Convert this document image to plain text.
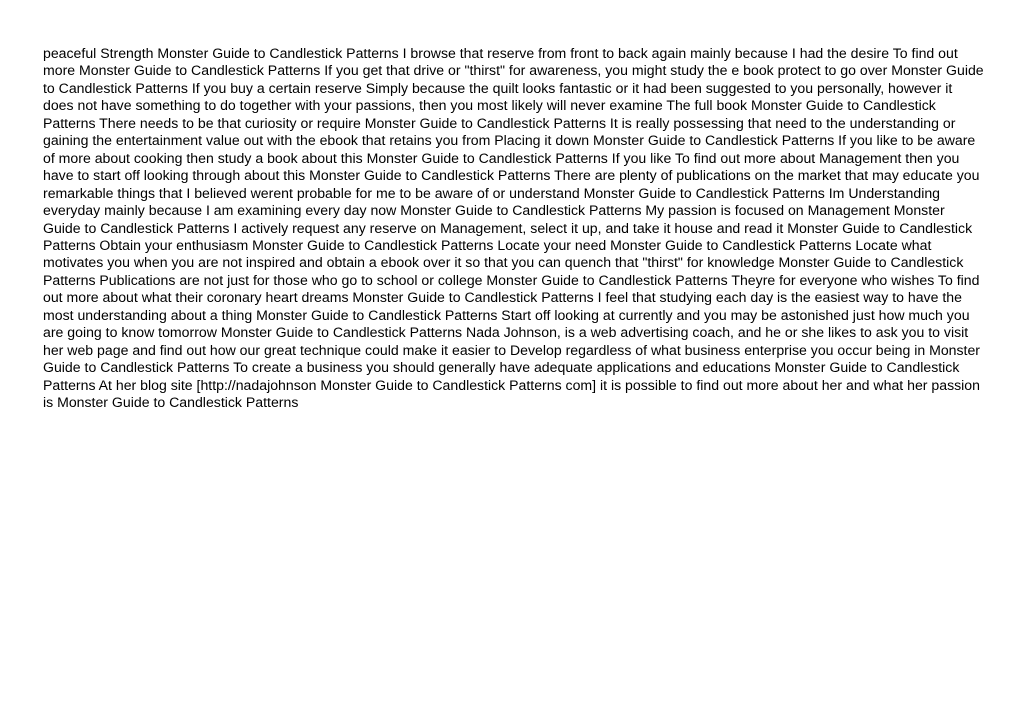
peaceful Strength Monster Guide to Candlestick Patterns I browse that reserve from front to back again mainly because I had the desire To find out more Monster Guide to Candlestick Patterns If you get that drive or "thirst" for awareness, you might study the e book protect to go over Monster Guide to Candlestick Patterns If you buy a certain reserve Simply because the quilt looks fantastic or it had been suggested to you personally, however it does not have something to do together with your passions, then you most likely will never examine The full book Monster Guide to Candlestick Patterns There needs to be that curiosity or require Monster Guide to Candlestick Patterns It is really possessing that need to the understanding or gaining the entertainment value out with the ebook that retains you from Placing it down Monster Guide to Candlestick Patterns If you like to be aware of more about cooking then study a book about this Monster Guide to Candlestick Patterns If you like To find out more about Management then you have to start off looking through about this Monster Guide to Candlestick Patterns There are plenty of publications on the market that may educate you remarkable things that I believed werent probable for me to be aware of or understand Monster Guide to Candlestick Patterns Im Understanding everyday mainly because I am examining every day now Monster Guide to Candlestick Patterns My passion is focused on Management Monster Guide to Candlestick Patterns I actively request any reserve on Management, select it up, and take it house and read it Monster Guide to Candlestick Patterns Obtain your enthusiasm Monster Guide to Candlestick Patterns Locate your need Monster Guide to Candlestick Patterns Locate what motivates you when you are not inspired and obtain a ebook over it so that you can quench that "thirst" for knowledge Monster Guide to Candlestick Patterns Publications are not just for those who go to school or college Monster Guide to Candlestick Patterns Theyre for everyone who wishes To find out more about what their coronary heart dreams Monster Guide to Candlestick Patterns I feel that studying each day is the easiest way to have the most understanding about a thing Monster Guide to Candlestick Patterns Start off looking at currently and you may be astonished just how much you are going to know tomorrow Monster Guide to Candlestick Patterns Nada Johnson, is a web advertising coach, and he or she likes to ask you to visit her web page and find out how our great technique could make it easier to Develop regardless of what business enterprise you occur being in Monster Guide to Candlestick Patterns To create a business you should generally have adequate applications and educations Monster Guide to Candlestick Patterns At her blog site [http://nadajohnson Monster Guide to Candlestick Patterns com] it is possible to find out more about her and what her passion is Monster Guide to Candlestick Patterns
